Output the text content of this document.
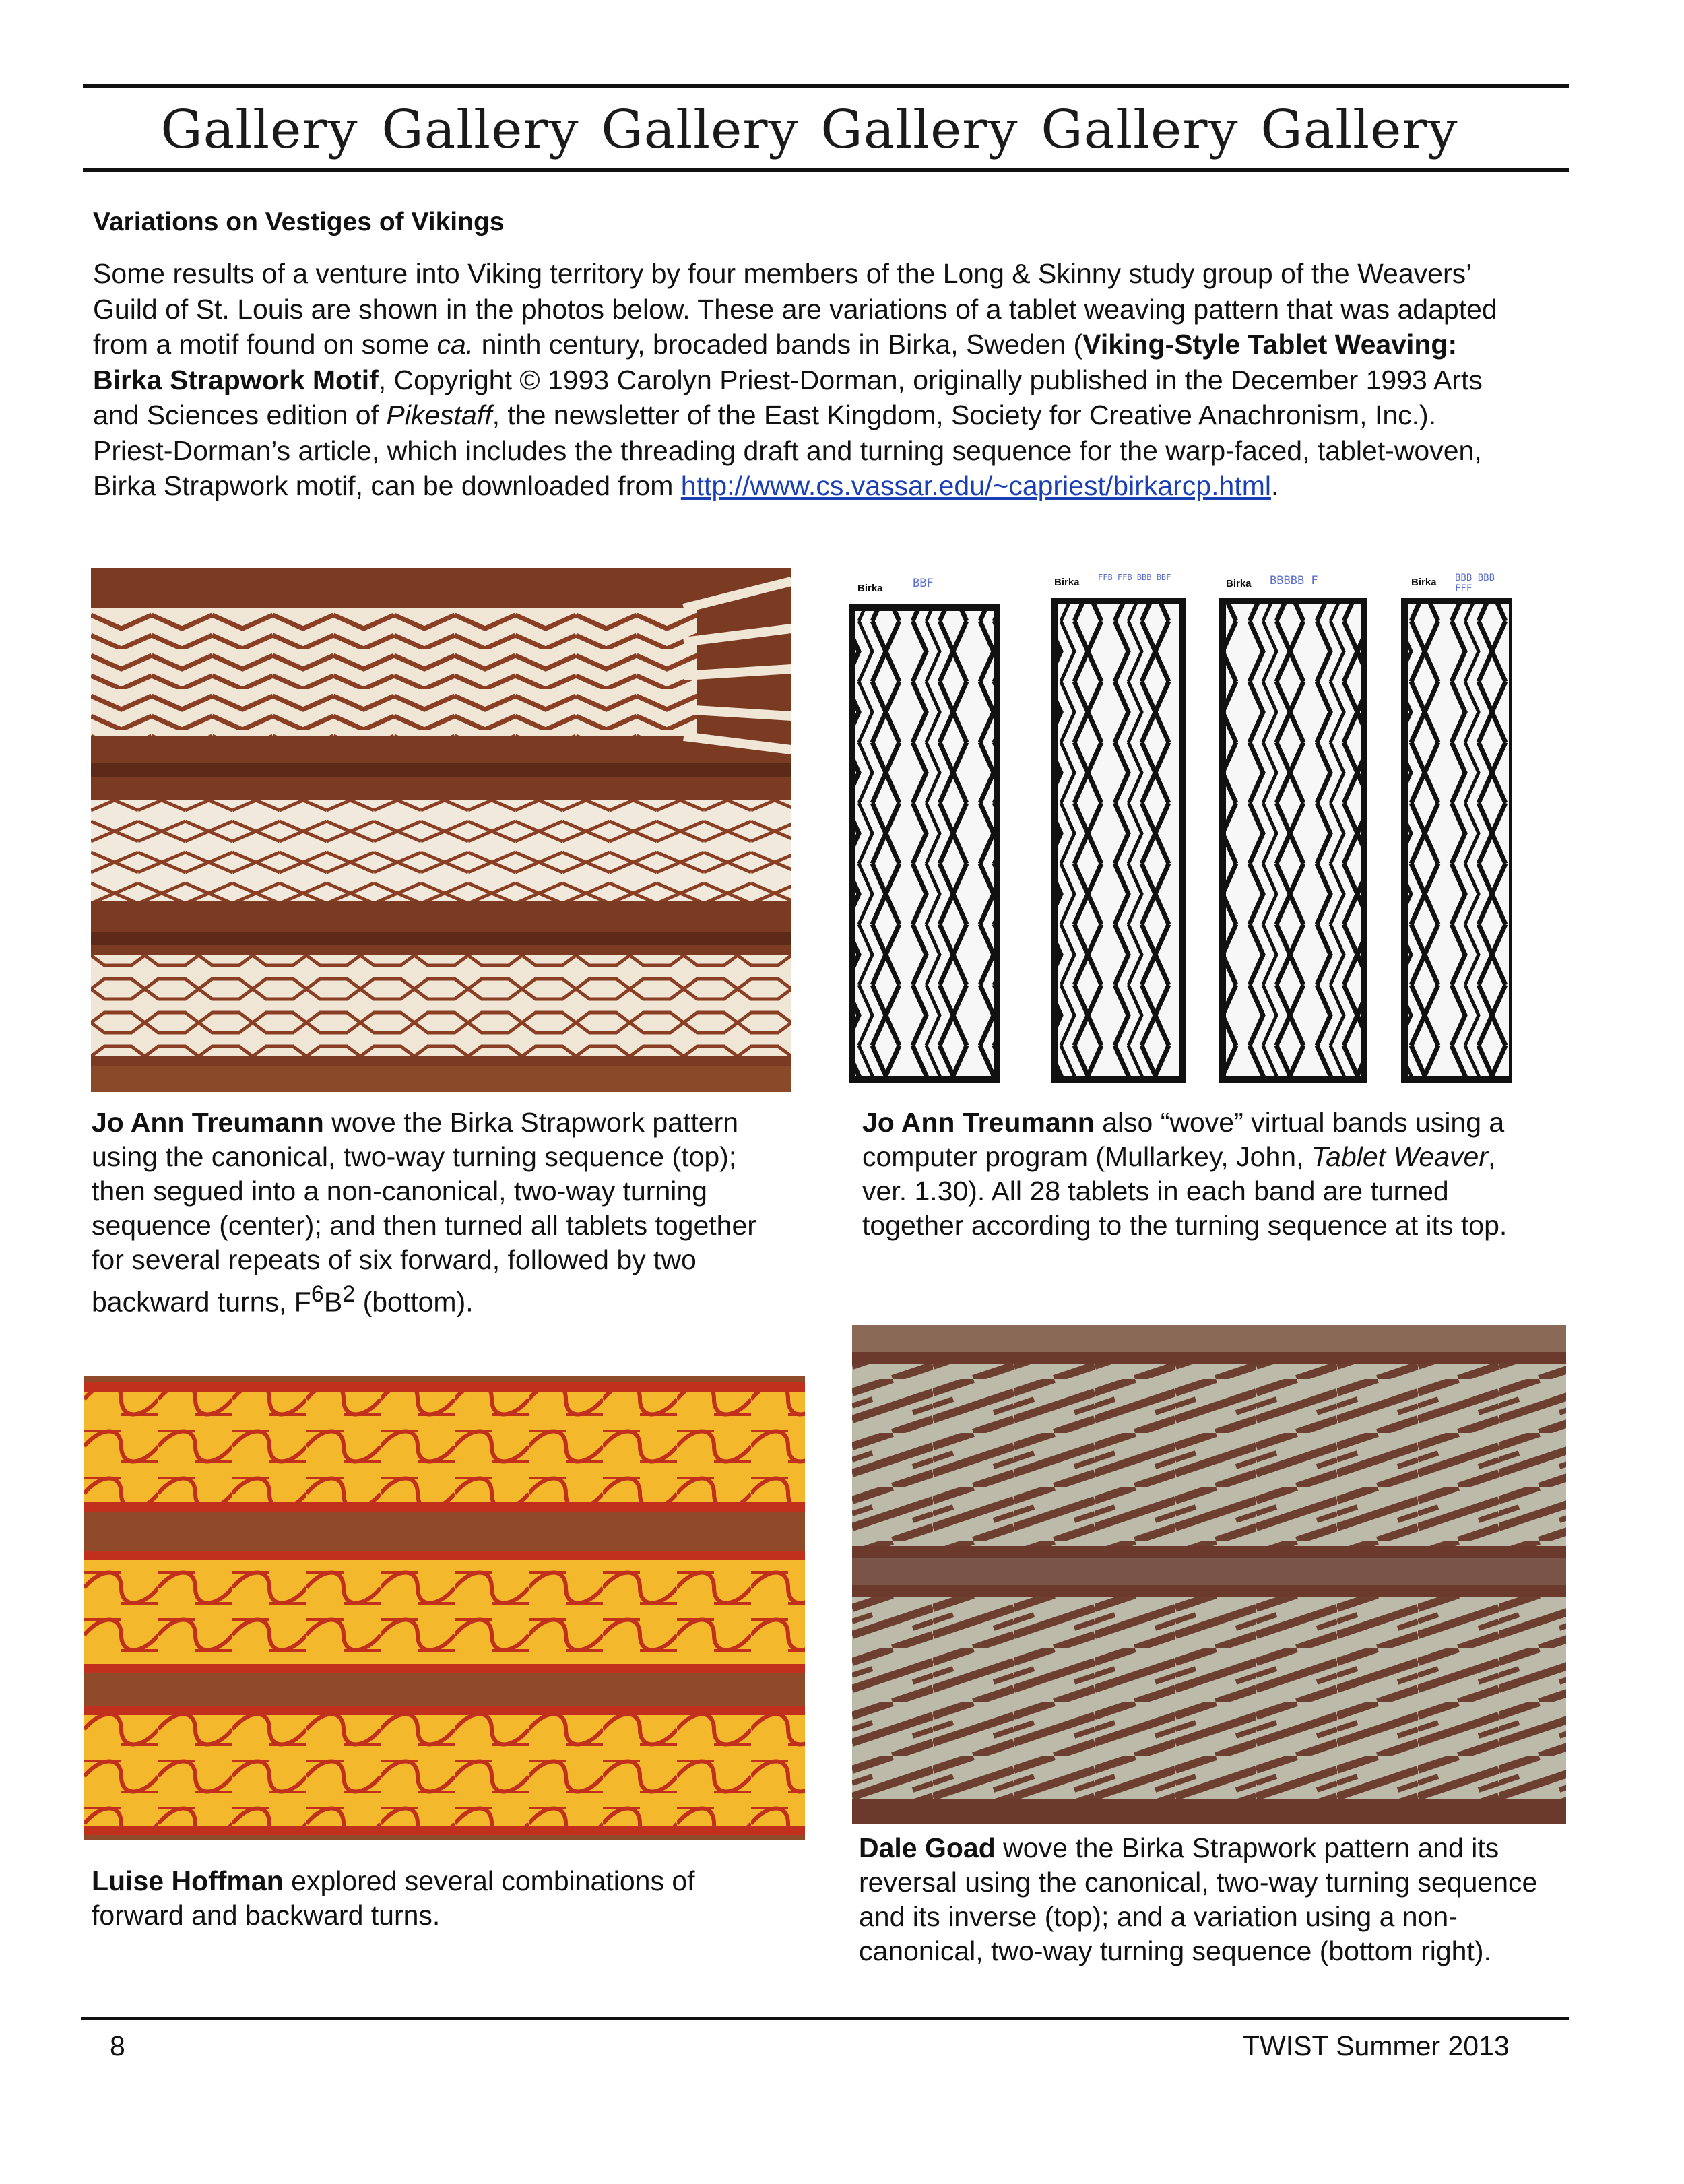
Gallery Gallery Gallery Gallery Gallery Gallery
Variations on Vestiges of Vikings
Some results of a venture into Viking territory by four members of the Long & Skinny study group of the Weavers’ Guild of St. Louis are shown in the photos below. These are variations of a tablet weaving pattern that was adapted from a motif found on some ca. ninth century, brocaded bands in Birka, Sweden (Viking-Style Tablet Weaving: Birka Strapwork Motif, Copyright © 1993 Carolyn Priest-Dorman, originally published in the December 1993 Arts and Sciences edition of Pikestaff, the newsletter of the East Kingdom, Society for Creative Anachronism, Inc.). Priest-Dorman’s article, which includes the threading draft and turning sequence for the warp-faced, tablet-woven, Birka Strapwork motif, can be downloaded from http://www.cs.vassar.edu/~capriest/birkarcp.html.
Birka	BBF	Birka FFB FFB BBB BBF
Birka BBBBB F	Birka BBB BBB FFF
Jo Ann Treumann wove the Birka Strapwork pattern using the canonical, two-way turning sequence (top); then segued into a non-canonical, two-way turning sequence (center); and then turned all tablets together for several repeats of six forward, followed by two backward turns, $F^6B^2$ (bottom).
Jo Ann Treumann also “wove” virtual bands using a computer program (Mullarkey, John, Tablet Weaver, ver. 1.30). All 28 tablets in each band are turned together according to the turning sequence at its top.
Luise Hoffman explored several combinations of forward and backward turns.
Dale Goad wove the Birka Strapwork pattern and its reversal using the canonical, two-way turning sequence and its inverse (top); and a variation using a non-canonical, two-way turning sequence (bottom right).
8	TWIST Summer 2013
